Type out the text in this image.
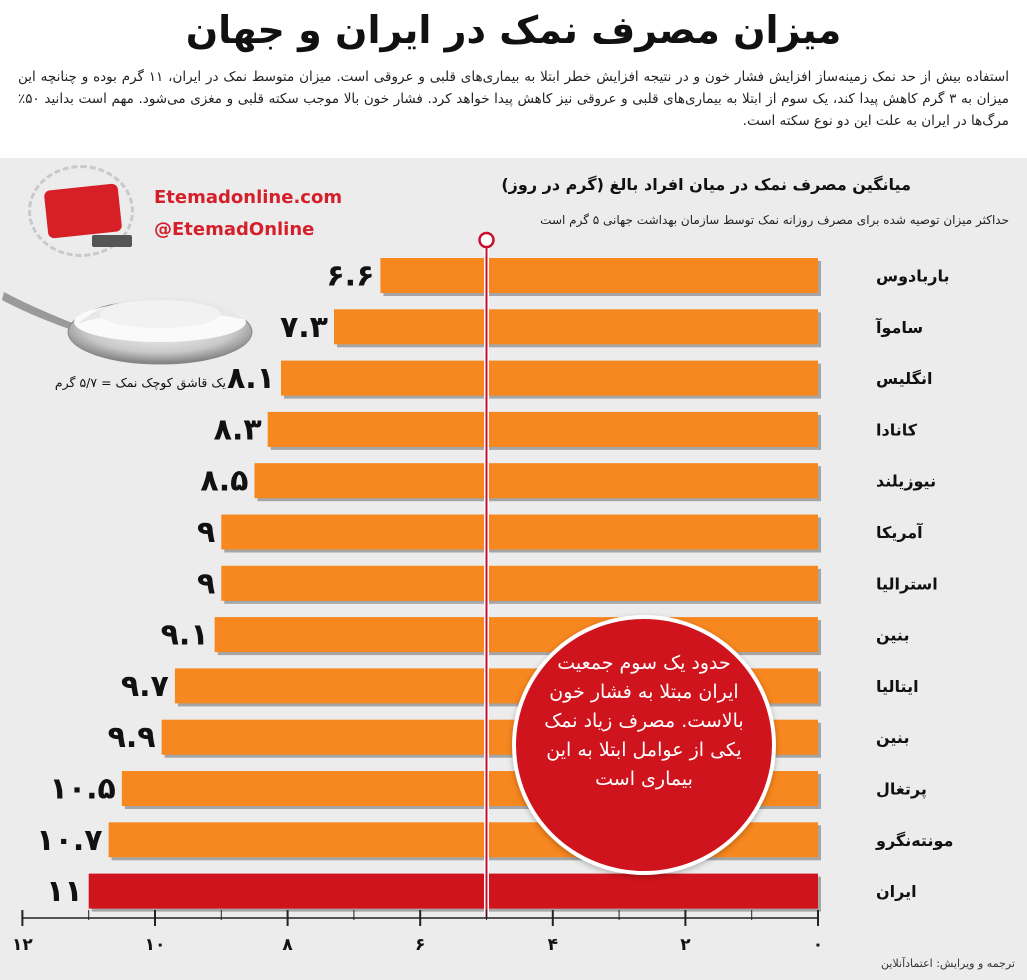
میزان مصرف نمک در ایران و جهان
استفاده بیش از حد نمک زمینه‌ساز افزایش فشار خون و در نتیجه افزایش خطر ابتلا به بیماری‌های قلبی و عروقی است. میزان متوسط نمک در ایران، ۱۱ گرم بوده و چنانچه این میزان به ۳ گرم کاهش پیدا کند، یک سوم از ابتلا به بیماری‌های قلبی و عروقی نیز کاهش پیدا خواهد کرد. فشار خون بالا موجب سکته قلبی و مغزی می‌شود. مهم است بدانید ۵۰٪ مرگ‌ها در ایران به علت این دو نوع سکته است.
Etemadonline.com
@EtemadOnline
یک قاشق کوچک نمک = ۵/۷ گرم
میانگین مصرف نمک در میان افراد بالغ (گرم در روز)
حداکثر میزان توصیه شده برای مصرف روزانه نمک توسط سازمان بهداشت جهانی ۵ گرم است
۶.۶	باربادوس
۷.۳	ساموآ
۸.۱	انگلیس
۸.۳	کانادا
۸.۵	نیوزیلند
۹	آمریکا
۹	استرالیا
۹.۱	بنین
۹.۷	ایتالیا
۹.۹	بنین
۱۰.۵	پرتغال
۱۰.۷	مونته‌نگرو
۱۱	ایران
۰
۲
۴
۶
۸
۱۰
۱۲
حدود یک سوم جمعیت ایران مبتلا به فشار خون بالاست. مصرف زیاد نمک یکی از عوامل ابتلا به این بیماری است
ترجمه و ویرایش: اعتمادآنلاین
